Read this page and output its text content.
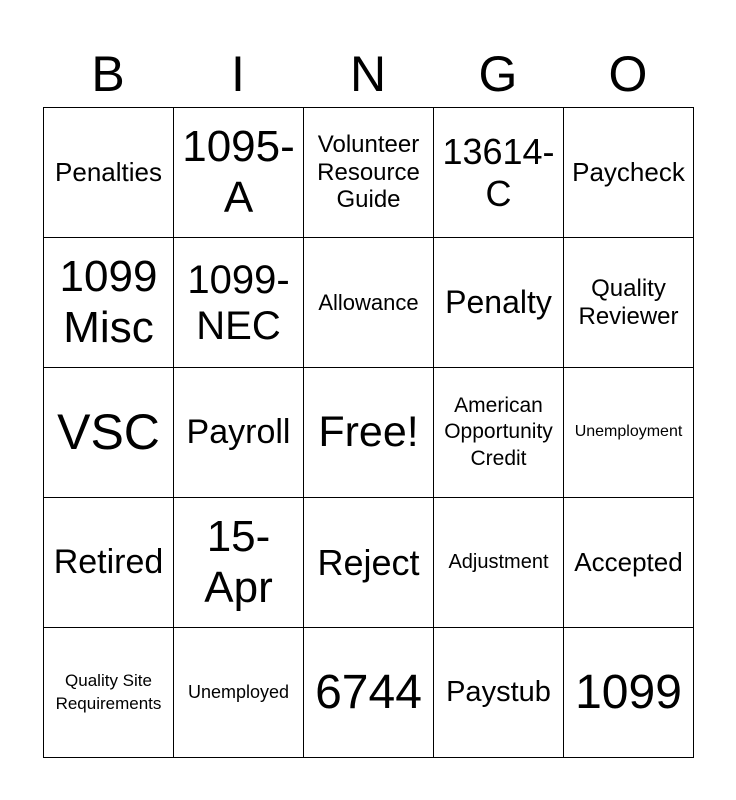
B	I	N	G	O
Penalties	1095-A	Volunteer Resource Guide	13614-C	Paycheck
1099 Misc	1099-NEC	Allowance	Penalty	Quality Reviewer
VSC	Payroll	Free!	American Opportunity Credit	Unemployment
Retired	15-Apr	Reject	Adjustment	Accepted
Quality Site Requirements	Unemployed	6744	Paystub	1099
